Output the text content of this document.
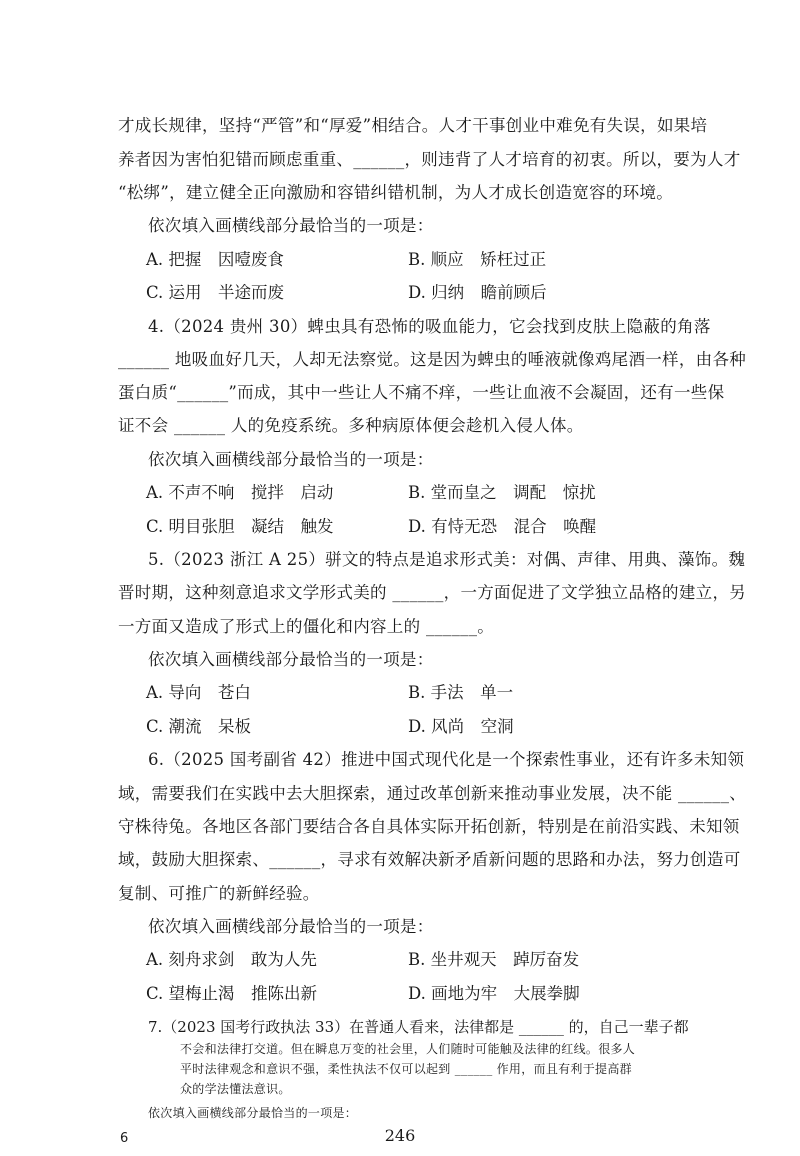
才成长规律，坚持“严管”和“厚爱”相结合。人才干事创业中难免有失误，如果培
养者因为害怕犯错而顾虑重重、______，则违背了人才培育的初衷。所以，要为人才
“松绑”，建立健全正向激励和容错纠错机制，为人才成长创造宽容的环境。
依次填入画横线部分最恰当的一项是：
A. 把握　因噎废食	B. 顺应　矫枉过正
C. 运用　半途而废	D. 归纳　瞻前顾后
4.（2024 贵州 30）蜱虫具有恐怖的吸血能力，它会找到皮肤上隐蔽的角落
______ 地吸血好几天，人却无法察觉。这是因为蜱虫的唾液就像鸡尾酒一样，由各种
蛋白质“______”而成，其中一些让人不痛不痒，一些让血液不会凝固，还有一些保
证不会 ______ 人的免疫系统。多种病原体便会趁机入侵人体。
依次填入画横线部分最恰当的一项是：
A. 不声不响　搅拌　启动	B. 堂而皇之　调配　惊扰
C. 明目张胆　凝结　触发	D. 有恃无恐　混合　唤醒
5.（2023 浙江 A 25）骈文的特点是追求形式美：对偶、声律、用典、藻饰。魏
晋时期，这种刻意追求文学形式美的 ______，一方面促进了文学独立品格的建立，另
一方面又造成了形式上的僵化和内容上的 ______。
依次填入画横线部分最恰当的一项是：
A. 导向　苍白	B. 手法　单一
C. 潮流　呆板	D. 风尚　空洞
6.（2025 国考副省 42）推进中国式现代化是一个探索性事业，还有许多未知领
域，需要我们在实践中去大胆探索，通过改革创新来推动事业发展，决不能 ______、
守株待兔。各地区各部门要结合各自具体实际开拓创新，特别是在前沿实践、未知领
域，鼓励大胆探索、______，寻求有效解决新矛盾新问题的思路和办法，努力创造可
复制、可推广的新鲜经验。
依次填入画横线部分最恰当的一项是：
A. 刻舟求剑　敢为人先	B. 坐井观天　踔厉奋发
C. 望梅止渴　推陈出新	D. 画地为牢　大展拳脚
7.（2023 国考行政执法 33）在普通人看来，法律都是 ______ 的，自己一辈子都
246
6
不会和法律打交道。但在瞬息万变的社会里，人们随时可能触及法律的红线。很多人
平时法律观念和意识不强，柔性执法不仅可以起到 ______ 作用，而且有利于提高群
众的学法懂法意识。
依次填入画横线部分最恰当的一项是：
